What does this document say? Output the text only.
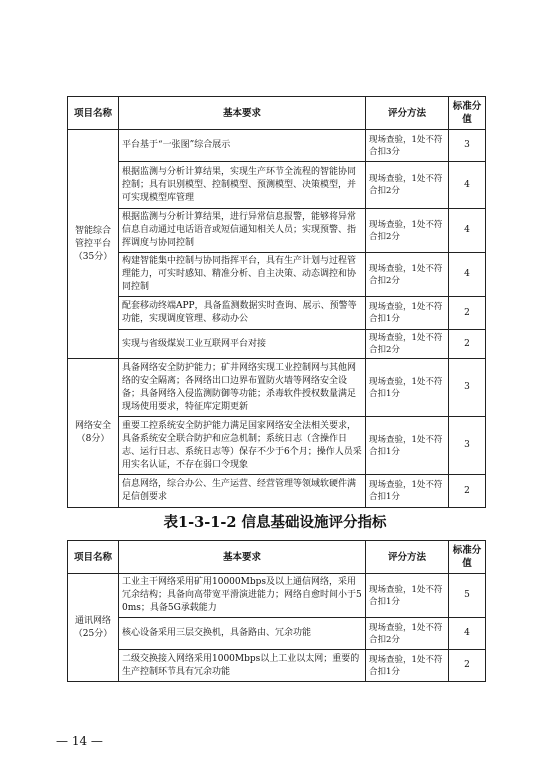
项目名称	基本要求	评分方法	标准分值
智能综合管控平台（35分）	平台基于“一张图”综合展示	现场查验，1处不符合扣3分	3
	根据监测与分析计算结果，实现生产环节全流程的智能协同控制；具有识别模型、控制模型、预测模型、决策模型，并可实现模型库管理	现场查验，1处不符合扣2分	4
	根据监测与分析计算结果，进行异常信息报警，能够将异常信息自动通过电话语音或短信通知相关人员；实现预警、指挥调度与协同控制	现场查验，1处不符合扣2分	4
	构建智能集中控制与协同指挥平台，具有生产计划与过程管理能力，可实时感知、精准分析、自主决策、动态调控和协同控制	现场查验，1处不符合扣2分	4
	配套移动终端APP，具备监测数据实时查询、展示、预警等功能，实现调度管理、移动办公	现场查验，1处不符合扣1分	2
	实现与省级煤炭工业互联网平台对接	现场查验，1处不符合扣2分	2
网络安全（8分）	具备网络安全防护能力；矿井网络实现工业控制网与其他网络的安全隔离；各网络出口边界布置防火墙等网络安全设备；具备网络入侵监测防御等功能；杀毒软件授权数量满足现场使用要求，特征库定期更新	现场查验，1处不符合扣1分	3
	重要工控系统安全防护能力满足国家网络安全法相关要求，具备系统安全联合防护和应急机制；系统日志（含操作日志、运行日志、系统日志等）保存不少于6个月；操作人员采用实名认证，不存在弱口令现象	现场查验，1处不符合扣1分	3
	信息网络，综合办公、生产运营、经营管理等领域软硬件满足信创要求	现场查验，1处不符合扣1分	2
表1-3-1-2 信息基础设施评分指标
项目名称	基本要求	评分方法	标准分值
通讯网络（25分）	工业主干网络采用矿用10000Mbps及以上通信网络，采用冗余结构；具备向高带宽平滑演进能力；网络自愈时间小于50ms；具备5G承载能力	现场查验，1处不符合扣1分	5
	核心设备采用三层交换机，具备路由、冗余功能	现场查验，1处不符合扣2分	4
	二级交换接入网络采用1000Mbps以上工业以太网；重要的生产控制环节具有冗余功能	现场查验，1处不符合扣1分	2
— 14 —
